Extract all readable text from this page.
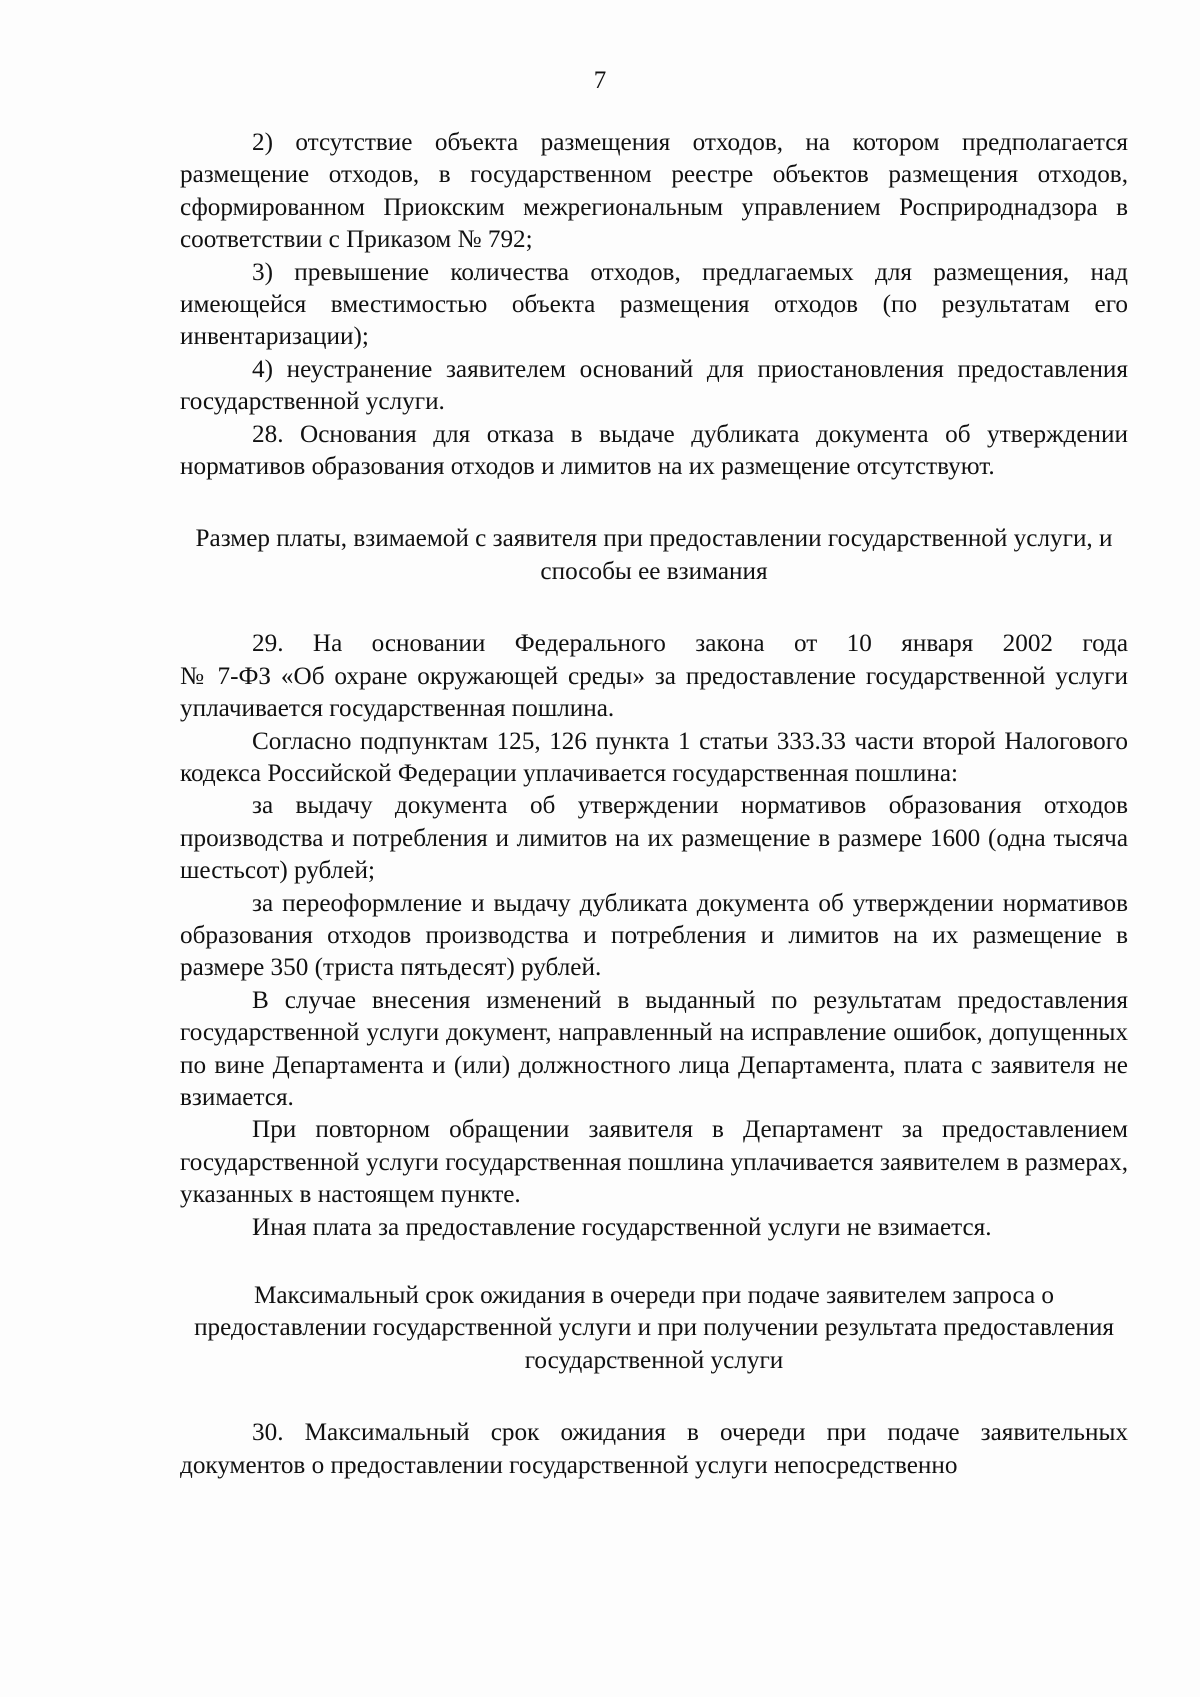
7

2) отсутствие объекта размещения отходов, на котором предполагается размещение отходов, в государственном реестре объектов размещения отходов, сформированном Приокским межрегиональным управлением Росприроднадзора в соответствии с Приказом № 792;

3) превышение количества отходов, предлагаемых для размещения, над имеющейся вместимостью объекта размещения отходов (по результатам его инвентаризации);

4) неустранение заявителем оснований для приостановления предоставления государственной услуги.

28. Основания для отказа в выдаче дубликата документа об утверждении нормативов образования отходов и лимитов на их размещение отсутствуют.

Размер платы, взимаемой с заявителя при предоставлении государственной услуги, и способы ее взимания

29. На основании Федерального закона от 10 января 2002 года

№ 7-ФЗ «Об охране окружающей среды» за предоставление государственной услуги уплачивается государственная пошлина.

Согласно подпунктам 125, 126 пункта 1 статьи 333.33 части второй Налогового кодекса Российской Федерации уплачивается государственная пошлина:

за выдачу документа об утверждении нормативов образования отходов производства и потребления и лимитов на их размещение в размере 1600 (одна тысяча шестьсот) рублей;

за переоформление и выдачу дубликата документа об утверждении нормативов образования отходов производства и потребления и лимитов на их размещение в размере 350 (триста пятьдесят) рублей.

В случае внесения изменений в выданный по результатам предоставления государственной услуги документ, направленный на исправление ошибок, допущенных по вине Департамента и (или) должностного лица Департамента, плата с заявителя не взимается.

При повторном обращении заявителя в Департамент за предоставлением государственной услуги государственная пошлина уплачивается заявителем в размерах, указанных в настоящем пункте.

Иная плата за предоставление государственной услуги не взимается.

Максимальный срок ожидания в очереди при подаче заявителем запроса о предоставлении государственной услуги и при получении результата предоставления государственной услуги

30. Максимальный срок ожидания в очереди при подаче заявительных документов о предоставлении государственной услуги непосредственно
